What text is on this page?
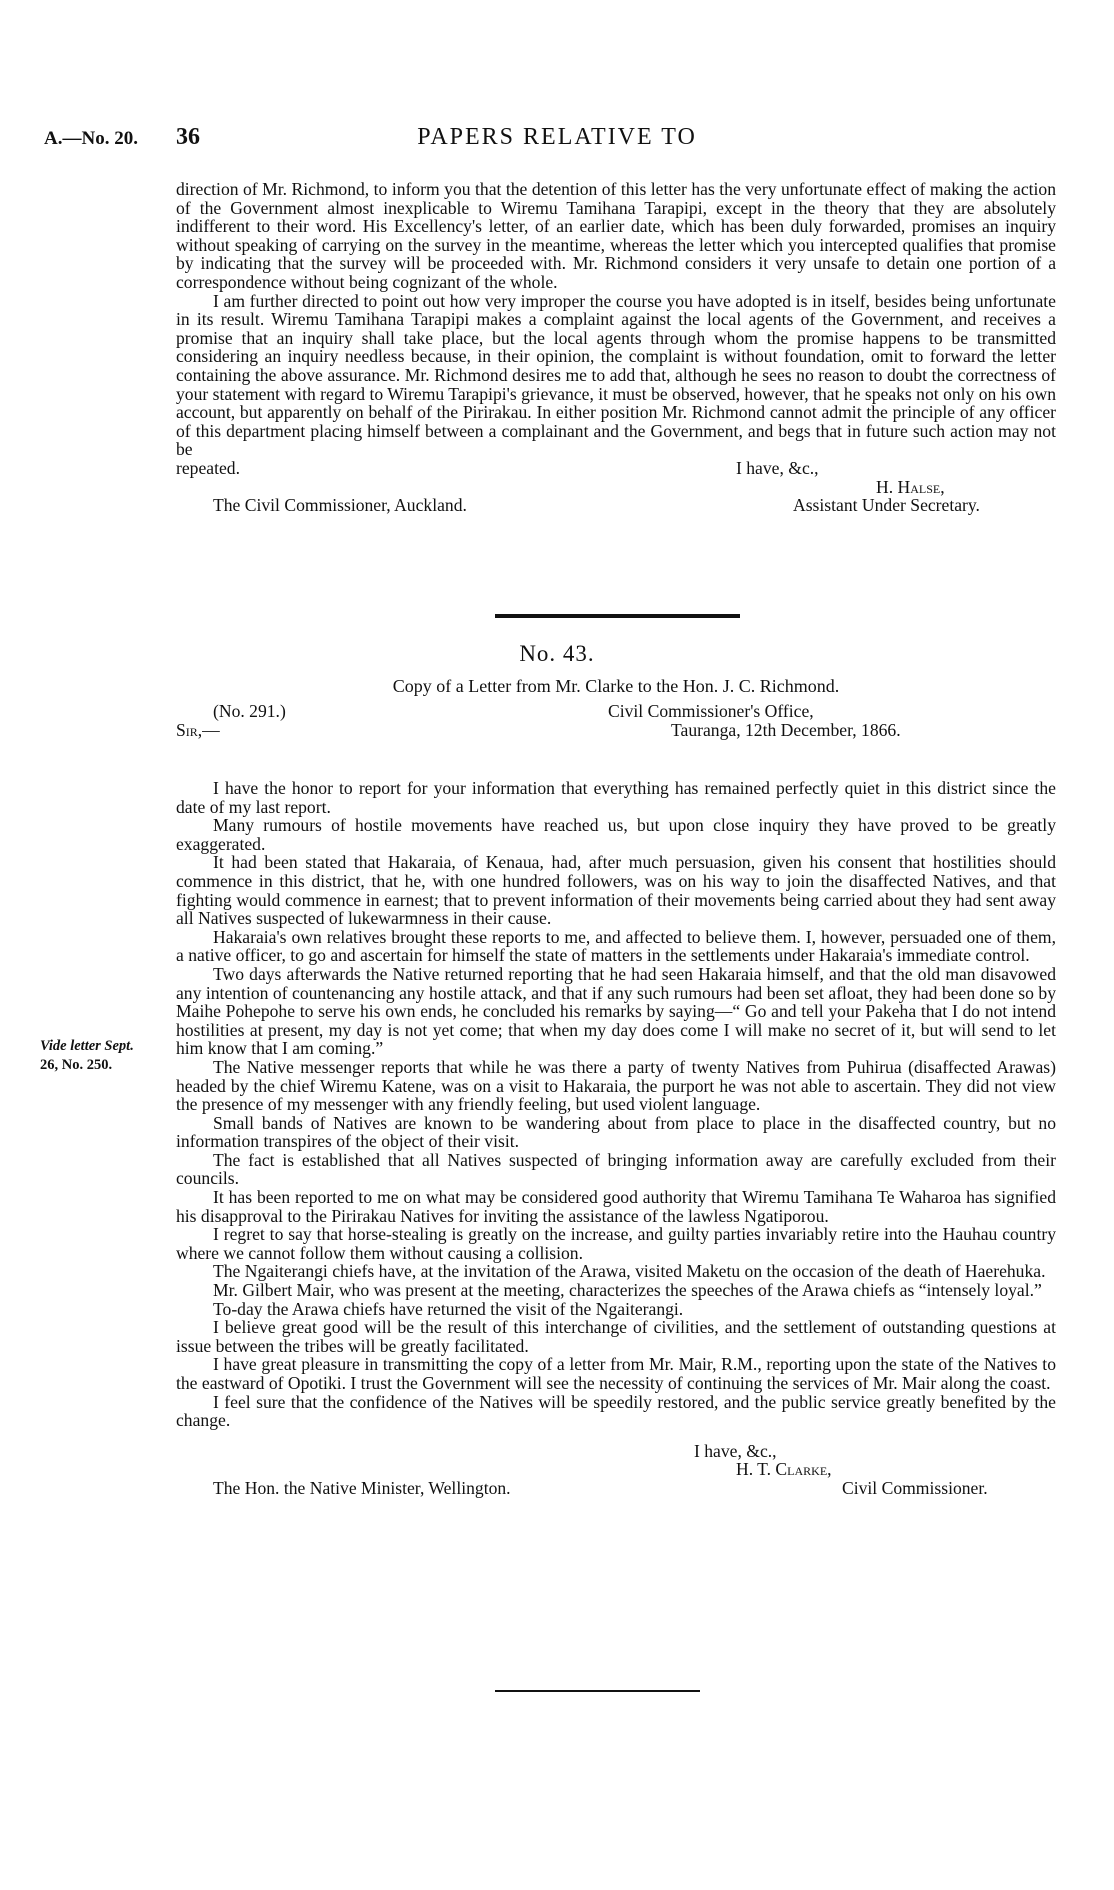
A.—No. 20. 36	PAPERS RELATIVE TO

direction of Mr. Richmond, to inform you that the detention of this letter has the very unfortunate effect of making the action of the Government almost inexplicable to Wiremu Tamihana Tarapipi, except in the theory that they are absolutely indifferent to their word. His Excellency's letter, of an earlier date, which has been duly forwarded, promises an inquiry without speaking of carrying on the survey in the meantime, whereas the letter which you intercepted qualifies that promise by indicating that the survey will be proceeded with. Mr. Richmond considers it very unsafe to detain one portion of a correspondence without being cognizant of the whole.

I am further directed to point out how very improper the course you have adopted is in itself, besides being unfortunate in its result. Wiremu Tamihana Tarapipi makes a complaint against the local agents of the Government, and receives a promise that an inquiry shall take place, but the local agents through whom the promise happens to be transmitted considering an inquiry needless because, in their opinion, the complaint is without foundation, omit to forward the letter containing the above assurance. Mr. Richmond desires me to add that, although he sees no reason to doubt the correctness of your statement with regard to Wiremu Tarapipi's grievance, it must be observed, however, that he speaks not only on his own account, but apparently on behalf of the Pirirakau. In either position Mr. Richmond cannot admit the principle of any officer of this department placing himself between a complainant and the Government, and begs that in future such action may not be

repeated.	I have, &c.,
H. Halse,
The Civil Commissioner, Auckland.	Assistant Under Secretary.
No. 43.
Copy of a Letter from Mr. Clarke to the Hon. J. C. Richmond.
(No. 291.)	Civil Commissioner's Office,
Sir,—	Tauranga, 12th December, 1866.

I have the honor to report for your information that everything has remained perfectly quiet in this district since the date of my last report.

Many rumours of hostile movements have reached us, but upon close inquiry they have proved to be greatly exaggerated.

It had been stated that Hakaraia, of Kenaua, had, after much persuasion, given his consent that hostilities should commence in this district, that he, with one hundred followers, was on his way to join the disaffected Natives, and that fighting would commence in earnest; that to prevent information of their movements being carried about they had sent away all Natives suspected of lukewarmness in their cause.

Hakaraia's own relatives brought these reports to me, and affected to believe them. I, however, persuaded one of them, a native officer, to go and ascertain for himself the state of matters in the settlements under Hakaraia's immediate control.

Two days afterwards the Native returned reporting that he had seen Hakaraia himself, and that the old man disavowed any intention of countenancing any hostile attack, and that if any such rumours had been set afloat, they had been done so by Maihe Pohepohe to serve his own ends, he concluded his remarks by saying—“ Go and tell your Pakeha that I do not intend hostilities at present, my day is not yet come; that when my day does come I will make no secret of it, but will send to let him know that I am coming.”

The Native messenger reports that while he was there a party of twenty Natives from Puhirua (disaffected Arawas) headed by the chief Wiremu Katene, was on a visit to Hakaraia, the purport he was not able to ascertain. They did not view the presence of my messenger with any friendly feeling, but used violent language.

Small bands of Natives are known to be wandering about from place to place in the disaffected country, but no information transpires of the object of their visit.

The fact is established that all Natives suspected of bringing information away are carefully excluded from their councils.

It has been reported to me on what may be considered good authority that Wiremu Tamihana Te Waharoa has signified his disapproval to the Pirirakau Natives for inviting the assistance of the lawless Ngatiporou.

I regret to say that horse-stealing is greatly on the increase, and guilty parties invariably retire into the Hauhau country where we cannot follow them without causing a collision.

The Ngaiterangi chiefs have, at the invitation of the Arawa, visited Maketu on the occasion of the death of Haerehuka.

Mr. Gilbert Mair, who was present at the meeting, characterizes the speeches of the Arawa chiefs as “intensely loyal.”

To-day the Arawa chiefs have returned the visit of the Ngaiterangi.

I believe great good will be the result of this interchange of civilities, and the settlement of outstanding questions at issue between the tribes will be greatly facilitated.

I have great pleasure in transmitting the copy of a letter from Mr. Mair, R.M., reporting upon the state of the Natives to the eastward of Opotiki. I trust the Government will see the necessity of continuing the services of Mr. Mair along the coast.

I feel sure that the confidence of the Natives will be speedily restored, and the public service greatly benefited by the change.

I have, &c.,
H. T. Clarke,
The Hon. the Native Minister, Wellington.	Civil Commissioner.
Vide letter Sept.
26, No. 250.
